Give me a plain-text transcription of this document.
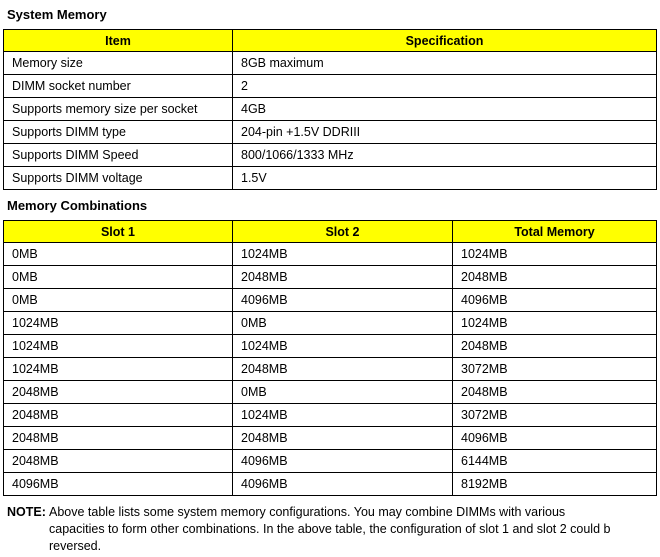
System Memory
Item	Specification
Memory size	8GB maximum
DIMM socket number	2
Supports memory size per socket	4GB
Supports DIMM type	204-pin +1.5V DDRIII
Supports DIMM Speed	800/1066/1333 MHz
Supports DIMM voltage	1.5V
Memory Combinations
Slot 1	Slot 2	Total Memory
0MB	1024MB	1024MB
0MB	2048MB	2048MB
0MB	4096MB	4096MB
1024MB	0MB	1024MB
1024MB	1024MB	2048MB
1024MB	2048MB	3072MB
2048MB	0MB	2048MB
2048MB	1024MB	3072MB
2048MB	2048MB	4096MB
2048MB	4096MB	6144MB
4096MB	4096MB	8192MB
NOTE: Above table lists some system memory configurations. You may combine DIMMs with various
capacities to form other combinations. In the above table, the configuration of slot 1 and slot 2 could b
reversed.
